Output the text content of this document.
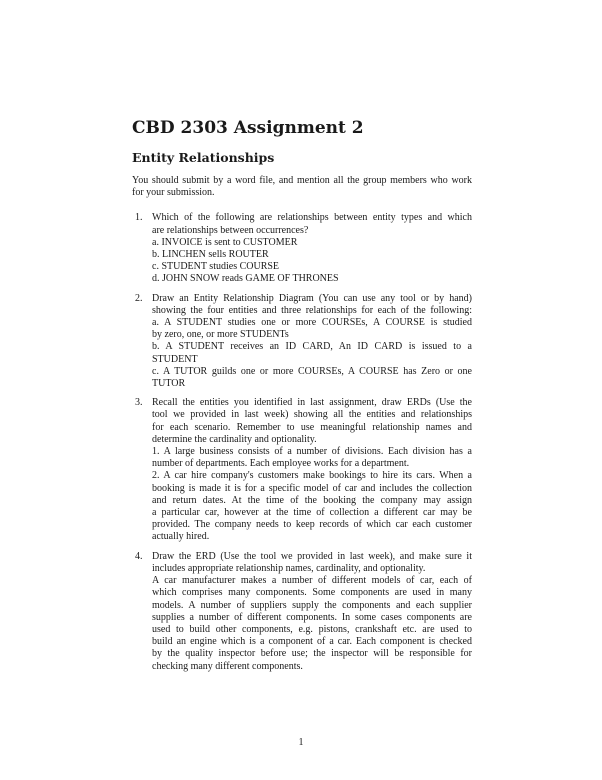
CBD 2303 Assignment 2
Entity Relationships
You should submit by a word file, and mention all the group members who work
for your submission.
1. Which of the following are relationships between entity types and which
are relationships between occurrences?
a. INVOICE is sent to CUSTOMER
b. LINCHEN sells ROUTER
c. STUDENT studies COURSE
d. JOHN SNOW reads GAME OF THRONES
2. Draw an Entity Relationship Diagram (You can use any tool or by hand)
showing the four entities and three relationships for each of the following:
a. A STUDENT studies one or more COURSEs, A COURSE is studied
by zero, one, or more STUDENTs
b. A STUDENT receives an ID CARD, An ID CARD is issued to a
STUDENT
c. A TUTOR guilds one or more COURSEs, A COURSE has Zero or one
TUTOR
3. Recall the entities you identified in last assignment, draw ERDs (Use the
tool we provided in last week) showing all the entities and relationships
for each scenario. Remember to use meaningful relationship names and
determine the cardinality and optionality.
1. A large business consists of a number of divisions. Each division has a
number of departments. Each employee works for a department.
2. A car hire company's customers make bookings to hire its cars. When a
booking is made it is for a specific model of car and includes the collection
and return dates. At the time of the booking the company may assign
a particular car, however at the time of collection a different car may be
provided. The company needs to keep records of which car each customer
actually hired.
4. Draw the ERD (Use the tool we provided in last week), and make sure it
includes appropriate relationship names, cardinality, and optionality.
A car manufacturer makes a number of different models of car, each of
which comprises many components. Some components are used in many
models. A number of suppliers supply the components and each supplier
supplies a number of different components. In some cases components are
used to build other components, e.g. pistons, crankshaft etc. are used to
build an engine which is a component of a car. Each component is checked
by the quality inspector before use; the inspector will be responsible for
checking many different components.
1
